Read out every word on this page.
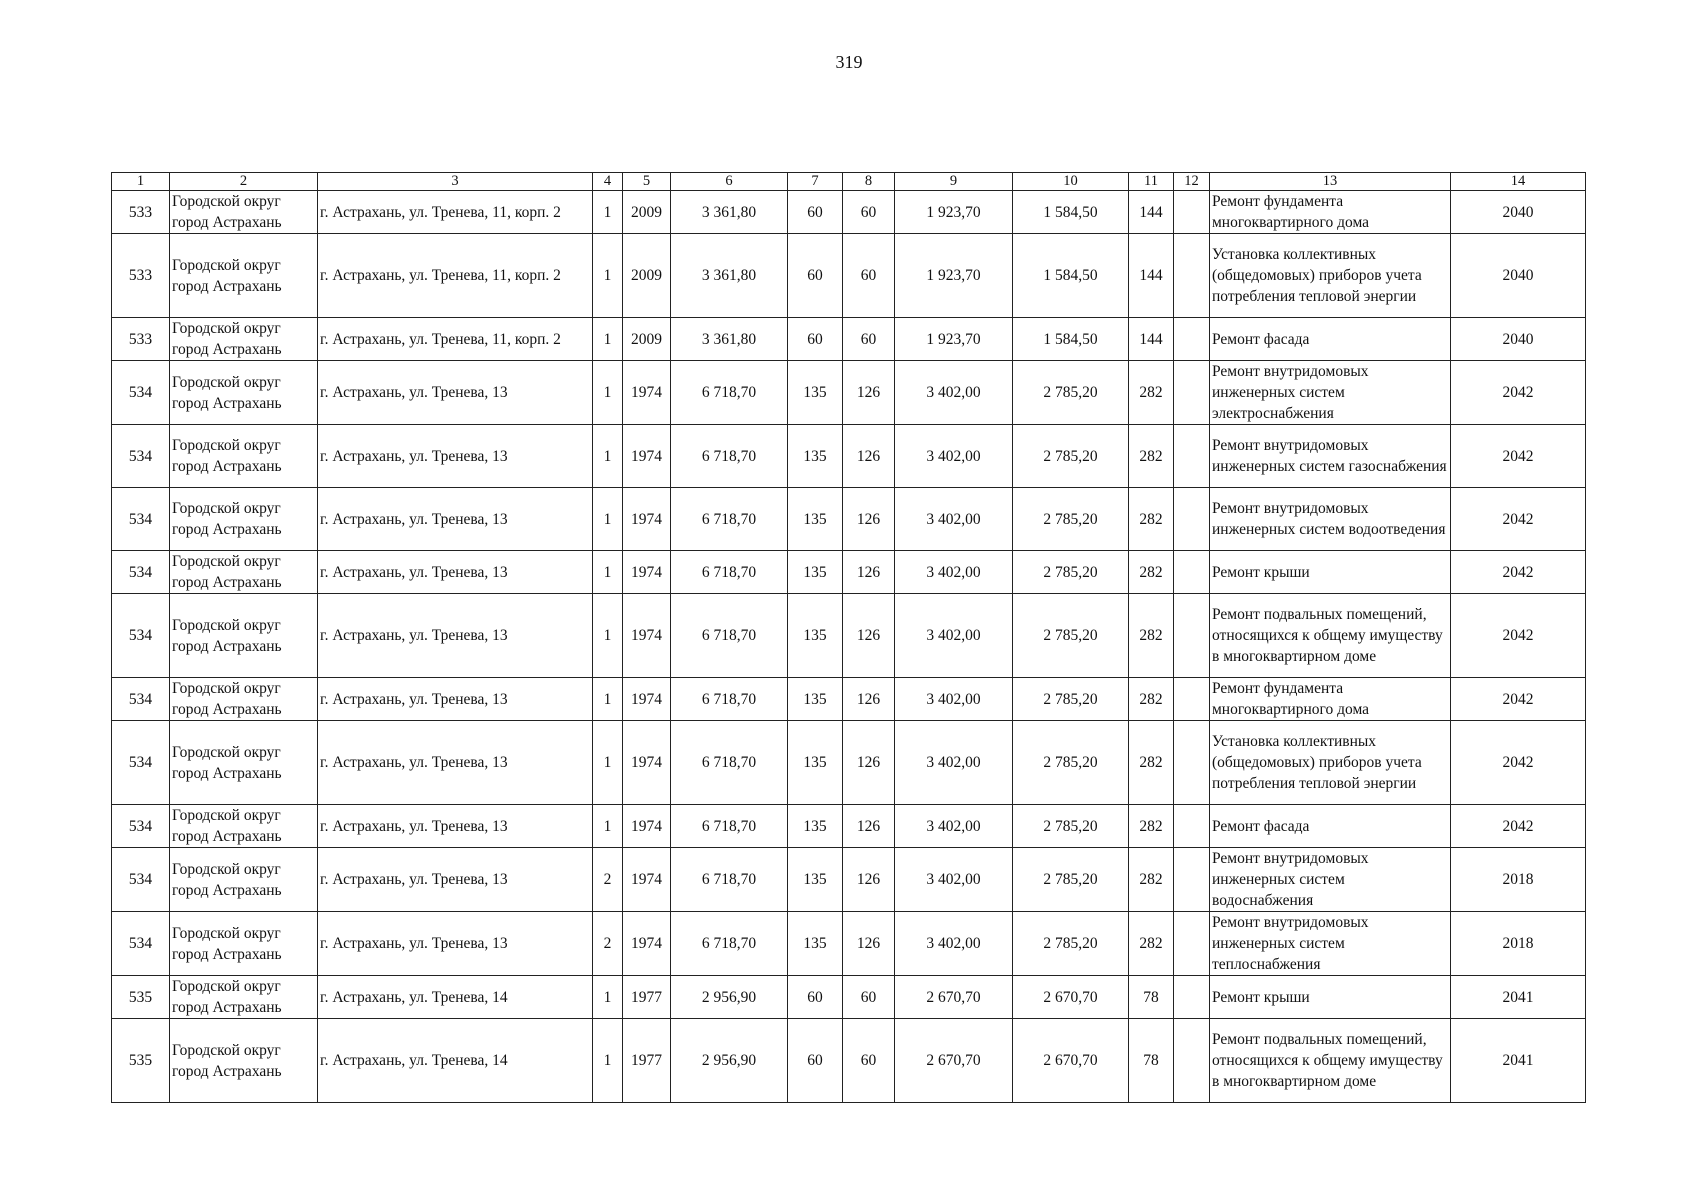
319
1	2	3	4	5	6	7	8	9	10	11	12	13	14
533	Городской округ город Астрахань	г. Астрахань, ул. Тренева, 11, корп. 2	1	2009	3 361,80	60	60	1 923,70	1 584,50	144		Ремонт фундамента многоквартирного дома	2040
533	Городской округ город Астрахань	г. Астрахань, ул. Тренева, 11, корп. 2	1	2009	3 361,80	60	60	1 923,70	1 584,50	144		Установка коллективных (общедомовых) приборов учета потребления тепловой энергии	2040
533	Городской округ город Астрахань	г. Астрахань, ул. Тренева, 11, корп. 2	1	2009	3 361,80	60	60	1 923,70	1 584,50	144		Ремонт фасада	2040
534	Городской округ город Астрахань	г. Астрахань, ул. Тренева, 13	1	1974	6 718,70	135	126	3 402,00	2 785,20	282		Ремонт внутридомовых инженерных систем электроснабжения	2042
534	Городской округ город Астрахань	г. Астрахань, ул. Тренева, 13	1	1974	6 718,70	135	126	3 402,00	2 785,20	282		Ремонт внутридомовых инженерных систем газоснабжения	2042
534	Городской округ город Астрахань	г. Астрахань, ул. Тренева, 13	1	1974	6 718,70	135	126	3 402,00	2 785,20	282		Ремонт внутридомовых инженерных систем водоотведения	2042
534	Городской округ город Астрахань	г. Астрахань, ул. Тренева, 13	1	1974	6 718,70	135	126	3 402,00	2 785,20	282		Ремонт крыши	2042
534	Городской округ город Астрахань	г. Астрахань, ул. Тренева, 13	1	1974	6 718,70	135	126	3 402,00	2 785,20	282		Ремонт подвальных помещений, относящихся к общему имуществу в многоквартирном доме	2042
534	Городской округ город Астрахань	г. Астрахань, ул. Тренева, 13	1	1974	6 718,70	135	126	3 402,00	2 785,20	282		Ремонт фундамента многоквартирного дома	2042
534	Городской округ город Астрахань	г. Астрахань, ул. Тренева, 13	1	1974	6 718,70	135	126	3 402,00	2 785,20	282		Установка коллективных (общедомовых) приборов учета потребления тепловой энергии	2042
534	Городской округ город Астрахань	г. Астрахань, ул. Тренева, 13	1	1974	6 718,70	135	126	3 402,00	2 785,20	282		Ремонт фасада	2042
534	Городской округ город Астрахань	г. Астрахань, ул. Тренева, 13	2	1974	6 718,70	135	126	3 402,00	2 785,20	282		Ремонт внутридомовых инженерных систем водоснабжения	2018
534	Городской округ город Астрахань	г. Астрахань, ул. Тренева, 13	2	1974	6 718,70	135	126	3 402,00	2 785,20	282		Ремонт внутридомовых инженерных систем теплоснабжения	2018
535	Городской округ город Астрахань	г. Астрахань, ул. Тренева, 14	1	1977	2 956,90	60	60	2 670,70	2 670,70	78		Ремонт крыши	2041
535	Городской округ город Астрахань	г. Астрахань, ул. Тренева, 14	1	1977	2 956,90	60	60	2 670,70	2 670,70	78		Ремонт подвальных помещений, относящихся к общему имуществу в многоквартирном доме	2041
